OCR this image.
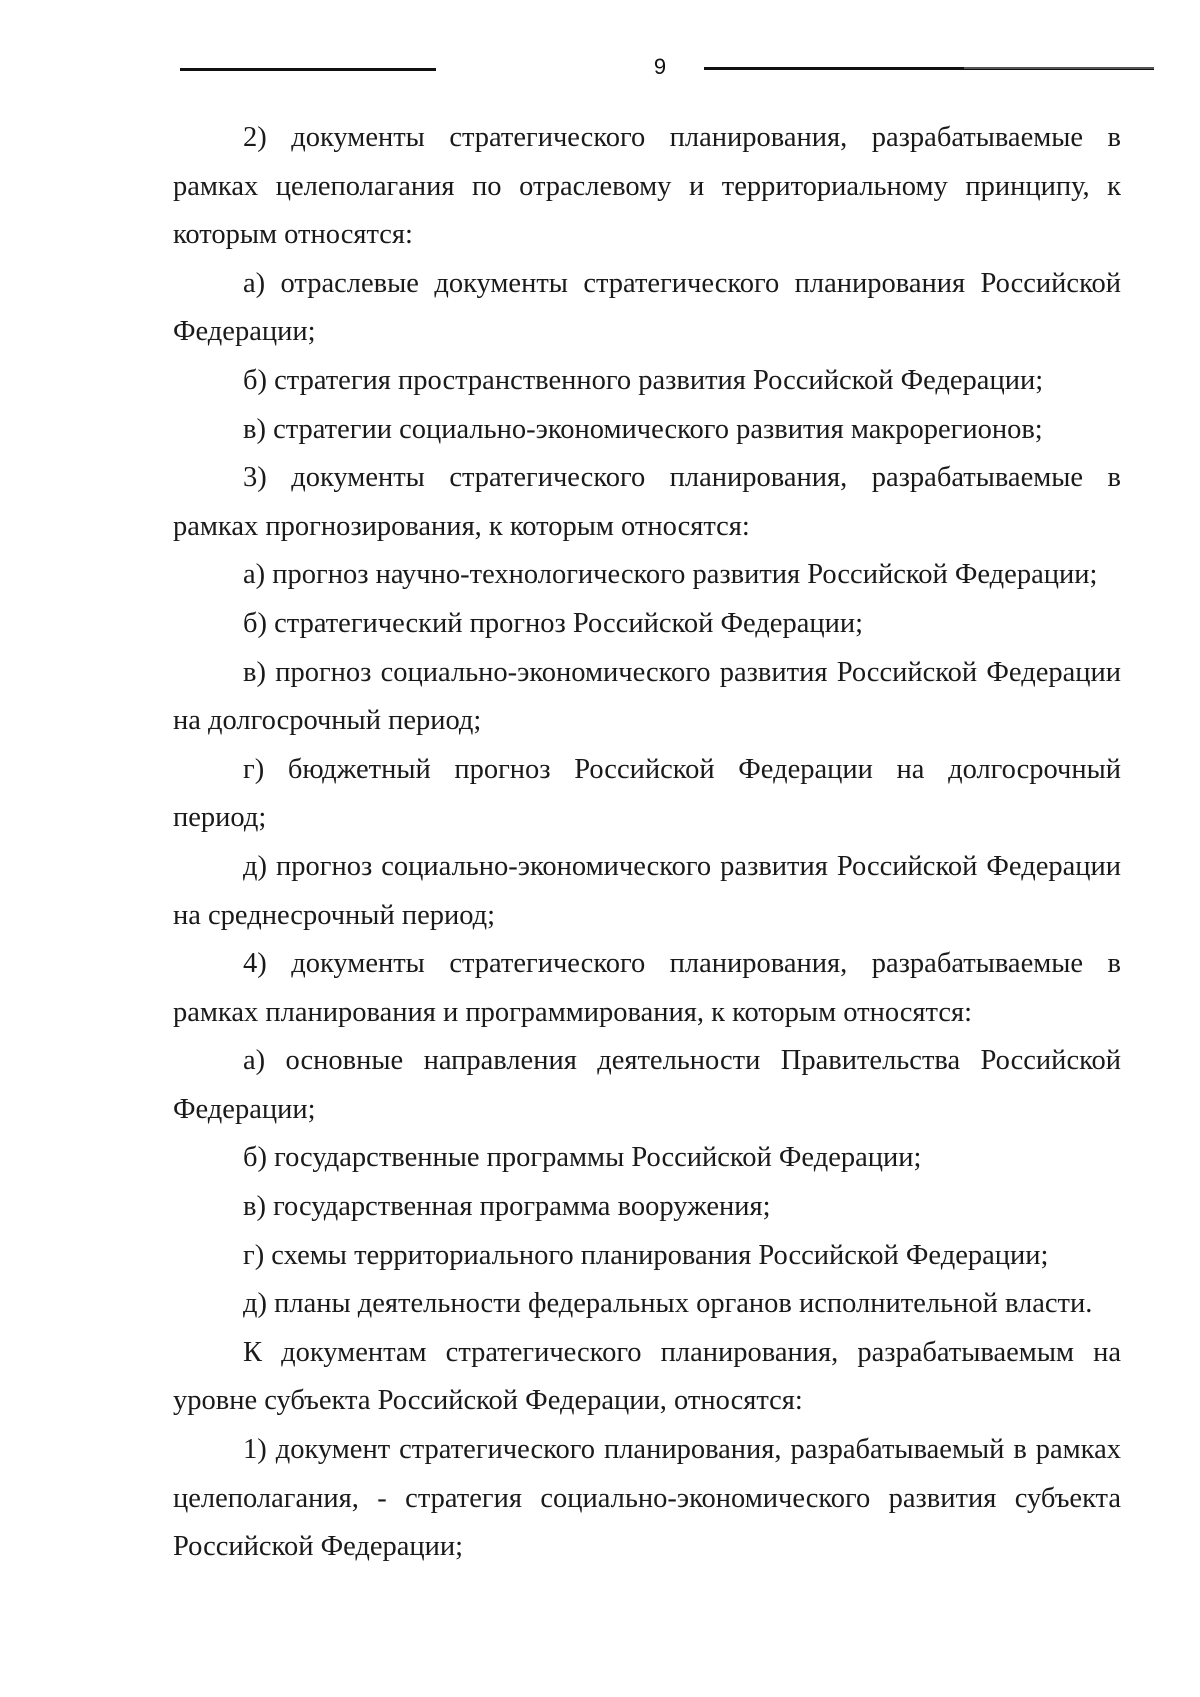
9

2) документы стратегического планирования, разрабатываемые в рамках целеполагания по отраслевому и территориальному принципу, к которым относятся:

а) отраслевые документы стратегического планирования Российской Федерации;

б) стратегия пространственного развития Российской Федерации;

в) стратегии социально-экономического развития макрорегионов;

3) документы стратегического планирования, разрабатываемые в рамках прогнозирования, к которым относятся:

а) прогноз научно-технологического развития Российской Федерации;

б) стратегический прогноз Российской Федерации;

в) прогноз социально-экономического развития Российской Федерации на долгосрочный период;

г) бюджетный прогноз Российской Федерации на долгосрочный период;

д) прогноз социально-экономического развития Российской Федерации на среднесрочный период;

4) документы стратегического планирования, разрабатываемые в рамках планирования и программирования, к которым относятся:

а) основные направления деятельности Правительства Российской Федерации;

б) государственные программы Российской Федерации;

в) государственная программа вооружения;

г) схемы территориального планирования Российской Федерации;

д) планы деятельности федеральных органов исполнительной власти.

К документам стратегического планирования, разрабатываемым на уровне субъекта Российской Федерации, относятся:

1) документ стратегического планирования, разрабатываемый в рамках целеполагания, - стратегия социально-экономического развития субъекта Российской Федерации;
